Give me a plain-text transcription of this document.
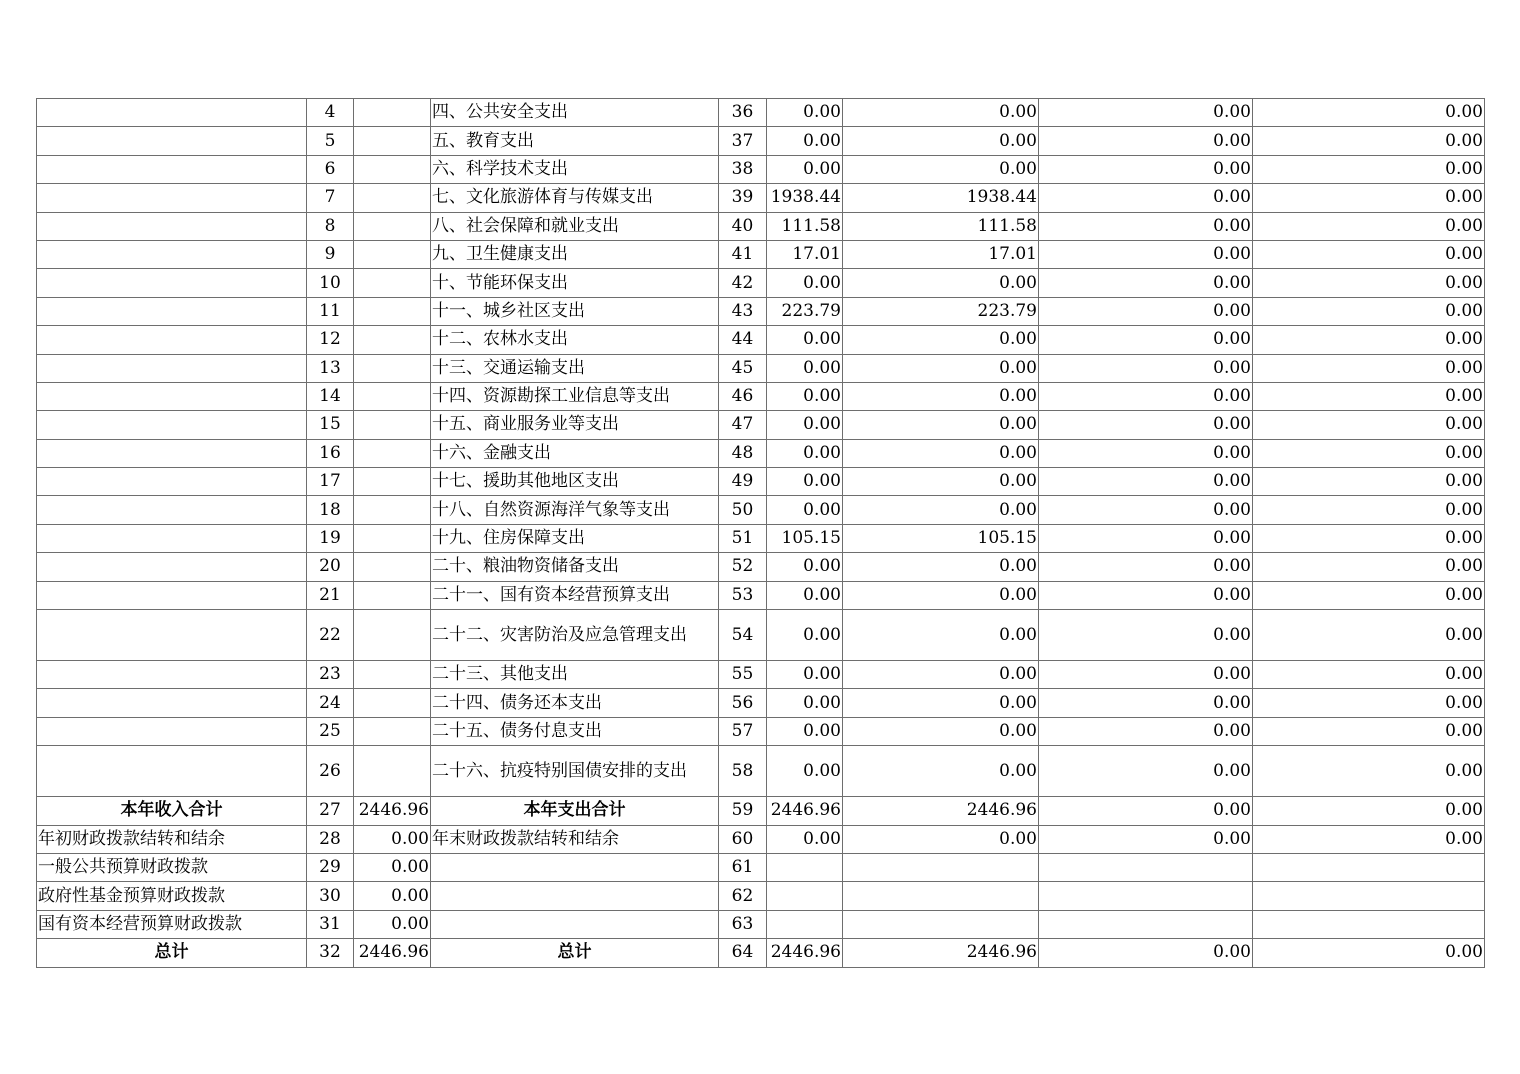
	4		四、公共安全支出	36	0.00	0.00	0.00	0.00
	5		五、教育支出	37	0.00	0.00	0.00	0.00
	6		六、科学技术支出	38	0.00	0.00	0.00	0.00
	7		七、文化旅游体育与传媒支出	39	1938.44	1938.44	0.00	0.00
	8		八、社会保障和就业支出	40	111.58	111.58	0.00	0.00
	9		九、卫生健康支出	41	17.01	17.01	0.00	0.00
	10		十、节能环保支出	42	0.00	0.00	0.00	0.00
	11		十一、城乡社区支出	43	223.79	223.79	0.00	0.00
	12		十二、农林水支出	44	0.00	0.00	0.00	0.00
	13		十三、交通运输支出	45	0.00	0.00	0.00	0.00
	14		十四、资源勘探工业信息等支出	46	0.00	0.00	0.00	0.00
	15		十五、商业服务业等支出	47	0.00	0.00	0.00	0.00
	16		十六、金融支出	48	0.00	0.00	0.00	0.00
	17		十七、援助其他地区支出	49	0.00	0.00	0.00	0.00
	18		十八、自然资源海洋气象等支出	50	0.00	0.00	0.00	0.00
	19		十九、住房保障支出	51	105.15	105.15	0.00	0.00
	20		二十、粮油物资储备支出	52	0.00	0.00	0.00	0.00
	21		二十一、国有资本经营预算支出	53	0.00	0.00	0.00	0.00
	22		二十二、灾害防治及应急管理支出	54	0.00	0.00	0.00	0.00
	23		二十三、其他支出	55	0.00	0.00	0.00	0.00
	24		二十四、债务还本支出	56	0.00	0.00	0.00	0.00
	25		二十五、债务付息支出	57	0.00	0.00	0.00	0.00
	26		二十六、抗疫特别国债安排的支出	58	0.00	0.00	0.00	0.00
本年收入合计	27	2446.96	本年支出合计	59	2446.96	2446.96	0.00	0.00
年初财政拨款结转和结余	28	0.00	年末财政拨款结转和结余	60	0.00	0.00	0.00	0.00
一般公共预算财政拨款	29	0.00		61				
政府性基金预算财政拨款	30	0.00		62				
国有资本经营预算财政拨款	31	0.00		63				
总计	32	2446.96	总计	64	2446.96	2446.96	0.00	0.00
